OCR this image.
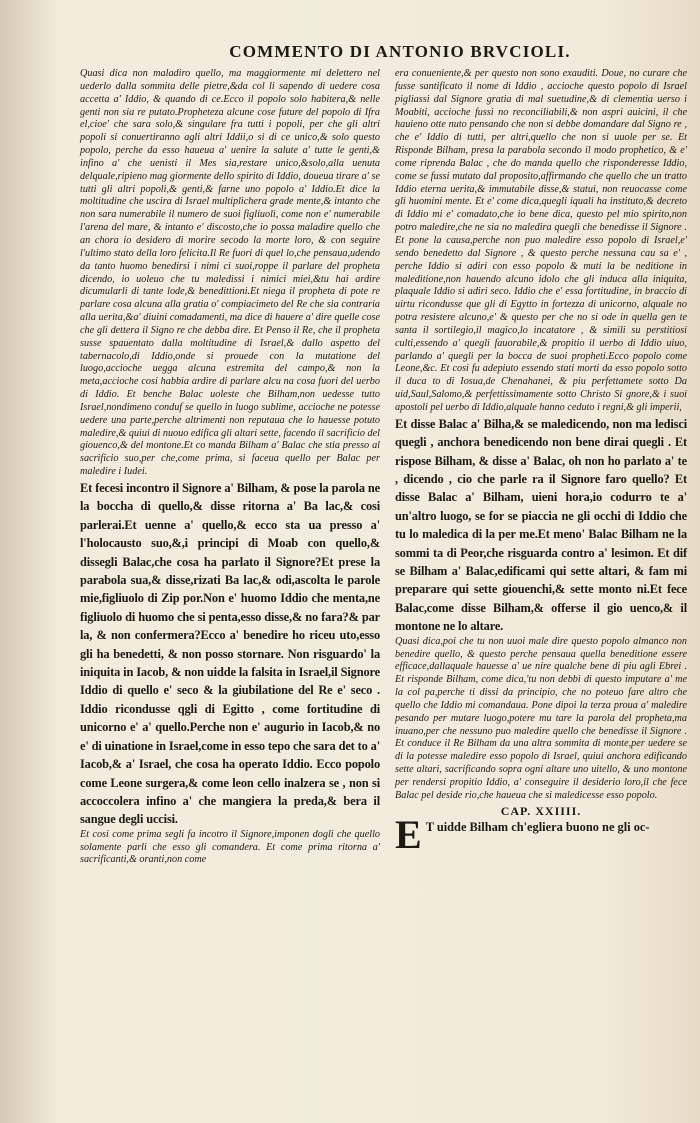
COMMENTO DI ANTONIO BRVCIOLI.

Quasi dica non maladiro quello, ma maggiormente mi delettero nel uederlo dalla sommita delle pietre,&da col li sapendo di uedere cosa accetta a' Iddio, & quando di ce.Ecco il popolo solo habitera,& nelle genti non sia re putato.Propheteza alcune cose future del popolo di Ifra el,cioe' che sara solo,& singulare fra tutti i popoli, per che gli altri popoli si conuertiranno agli altri Iddii,o si di ce unico,& solo questo popolo, perche da esso haueua a' uenire la salute a' tutte le genti,& infino a' che uenisti il Mes sia,restare unico,&solo,alla uenuta delquale,ripieno mag giormente dello spirito di Iddio, doueua tirare a' se tutti gli altri popoli,& genti,& farne uno popolo a' Iddio.Et dice la moltitudine che uscira di Israel multiplichera grade mente,& intanto che non sara numerabile il numero de suoi figliuoli, come non e' numerabile l'arena del mare, & intanto e' discosto,che io possa maladire quello che an chora io desidero di morire secodo la morte loro, & con seguire l'ultimo stato della loro felicita.Il Re fuori di quel lo,che pensaua,udendo da tanto huomo benedirsi i nimi ci suoi,roppe il parlare del propheta dicendo, io uoleuo che tu maledissi i nimici miei,&tu hai ardire dicumularli di tante lode,& benedittioni.Et niega il propheta di pote re parlare cosa alcuna alla gratia o' compiacimeto del Re che sia contraria alla uerita,&a' diuini comadamenti, ma dice di hauere a' dire quelle cose che gli dettera il Signo re che debba dire. Et Penso il Re, che il propheta susse spauentato dalla moltitudine di Israel,& dallo aspetto del tabernacolo,di Iddio,onde si prouede con la mutatione del luogo,accioche uegga alcuna estremita del campo,& non la meta,accioche cosi habbia ardire di parlare alcu na cosa fuori del uerbo di Iddio. Et benche Balac uoleste che Bilham,non uedesse tutto Israel,nondimeno conduf se quello in luogo sublime, accioche ne potesse uedere una parte,perche altrimenti non reputaua che lo hauesse potuto maledire,& quiui di nuouo edifica gli altari sette, facendo il sacrificio del giouenco,& del montone.Et co manda Bilham a' Balac che stia presso al sacrificio suo,per che,come prima, si faceua quello per Balac per maledire i Iudei.

Et fecesi incontro il Signore a' Bilham, & pose la parola ne la boccha di quello,& disse ritorna a' Ba lac,& cosi parlerai.Et uenne a' quello,& ecco sta ua presso a' l'holocausto suo,&,i principi di Moab con quello,& dissegli Balac,che cosa ha parlato il Signore?Et prese la parabola sua,& disse,rizati Ba lac,& odi,ascolta le parole mie,figliuolo di Zip por.Non e' huomo Iddio che menta,ne figliuolo di huomo che si penta,esso disse,& no fara?& par la, & non confermera?Ecco a' benedire ho riceu uto,esso gli ha benedetti, & non posso stornare. Non risguardo' la iniquita in Iacob, & non uidde la falsita in Israel,il Signore Iddio di quello e' seco & la giubilatione del Re e' seco . Iddio ricondusse qgli di Egitto , come fortitudine di unicorno e' a' quello.Perche non e' augurio in Iacob,& no e' di uinatione in Israel,come in esso tepo che sara det to a' Iacob,& a' Israel, che cosa ha operato Iddio. Ecco popolo come Leone surgera,& come leon cello inalzera se , non si accoccolera infino a' che mangiera la preda,& bera il sangue degli uccisi.

Et cosi come prima segli fa incotro il Signore,imponen dogli che quello solamente parli che esso gli comandera. Et come prima ritorna a' sacrificanti,& oranti,non come

era conueniente,& per questo non sono exauditi. Doue, no curare che fusse santificato il nome di Iddio , accioche questo popolo di Israel pigliassi dal Signore gratia di mal suetudine,& di clementia uerso i Moabiti, accioche fussi no reconciliabili,& non aspri auicini, il che hauieno otte nuto pensando che non si debbe domandare dal Signo re , che e' Iddio di tutti, per altri,quello che non si uuole per se. Et Risponde Bilham, presa la parabola secondo il modo prophetico, & e' come riprenda Balac , che do manda quello che risponderesse Iddio, come se fussi mutato dal proposito,affirmando che quello che un tratto Iddio eterna uerita,& immutabile disse,& statui, non reuocasse come gli huomini mente. Et e' come dica,quegli iquali ha instituto,& decreto di Iddio mi e' comadato,che io bene dica, questo pel mio spirito,non potro maledire,che ne sia no maledira quegli che benedisse il Signore . Et pone la causa,perche non puo maledire esso popolo di Israel,e' sendo benedetto dal Signore , & questo perche nessuna cau sa e' , perche Iddio si adiri con esso popolo & muti la be neditione in maleditione,non hauendo alcuno idolo che gli induca alla iniquita, plaquale Iddio si adiri seco. Iddio che e' essa fortitudine, in braccio di uirtu ricondusse que gli di Egytto in fortezza di unicorno, alquale no potra resistere alcuno,e' & questo per che no si ode in quella gen te santa il sortilegio,il magico,lo incatatore , & simili su perstitiosi culti,essendo a' quegli fauorabile,& propitio il uerbo di Iddio uiuo, parlando a' quegli per la bocca de suoi propheti.Ecco popolo come Leone,&c. Et cosi fu adepiuto essendo stati morti da esso popolo sotto il duca to di Iosua,de Chenahanei, & piu perfettamete sotto Da uid,Saul,Salomo,& perfettissimamente sotto Christo Si gnore,& i suoi apostoli pel uerbo di Iddio,alquale hanno ceduto i regni,& gli imperii,

Et disse Balac a' Bilha,& se maledicendo, non ma ledisci quegli , anchora benedicendo non bene dirai quegli . Et rispose Bilham, & disse a' Balac, oh non ho parlato a' te , dicendo , cio che parle ra il Signore faro quello? Et disse Balac a' Bilham, uieni hora,io codurro te a' un'altro luogo, se for se piaccia ne gli occhi di Iddio che tu lo maledica di la per me.Et meno' Balac Bilham ne la sommi ta di Peor,che risguarda contro a' lesimon. Et dif se Bilham a' Balac,edificami qui sette altari, & fam mi preparare qui sette giouenchi,& sette monto ni.Et fece Balac,come disse Bilham,& offerse il gio uenco,& il montone ne lo altare.

Quasi dica,poi che tu non uuoi male dire questo popolo almanco non benedire quello, & questo perche pensaua quella beneditione essere efficace,dallaquale hauesse a' ue nire qualche bene di piu agli Ebrei . Et risponde Bilham, come dica,'tu non debbi di questo imputare a' me la col pa,perche ti dissi da principio, che no poteuo fare altro che quello che Iddio mi comandaua. Pone dipoi la terza proua a' maledire pesando per mutare luogo,potere mu tare la parola del propheta,ma inuano,per che nessuno puo maledire quello che benedisse il Signore . Et conduce il Re Bilham da una altra sommita di monte,per uedere se di la potesse maledire esso popolo di Israel, quiui anchora edificando sette altari, sacrificando sopra ogni altare uno uitello, & uno montone per rendersi propitio Iddio, a' conseguire il desiderio loro,il che fece Balac pel deside rio,che haueua che si maledicesse esso popolo.

CAP. XXIIII.

E T uidde Bilham ch'egliera buono ne gli oc-
